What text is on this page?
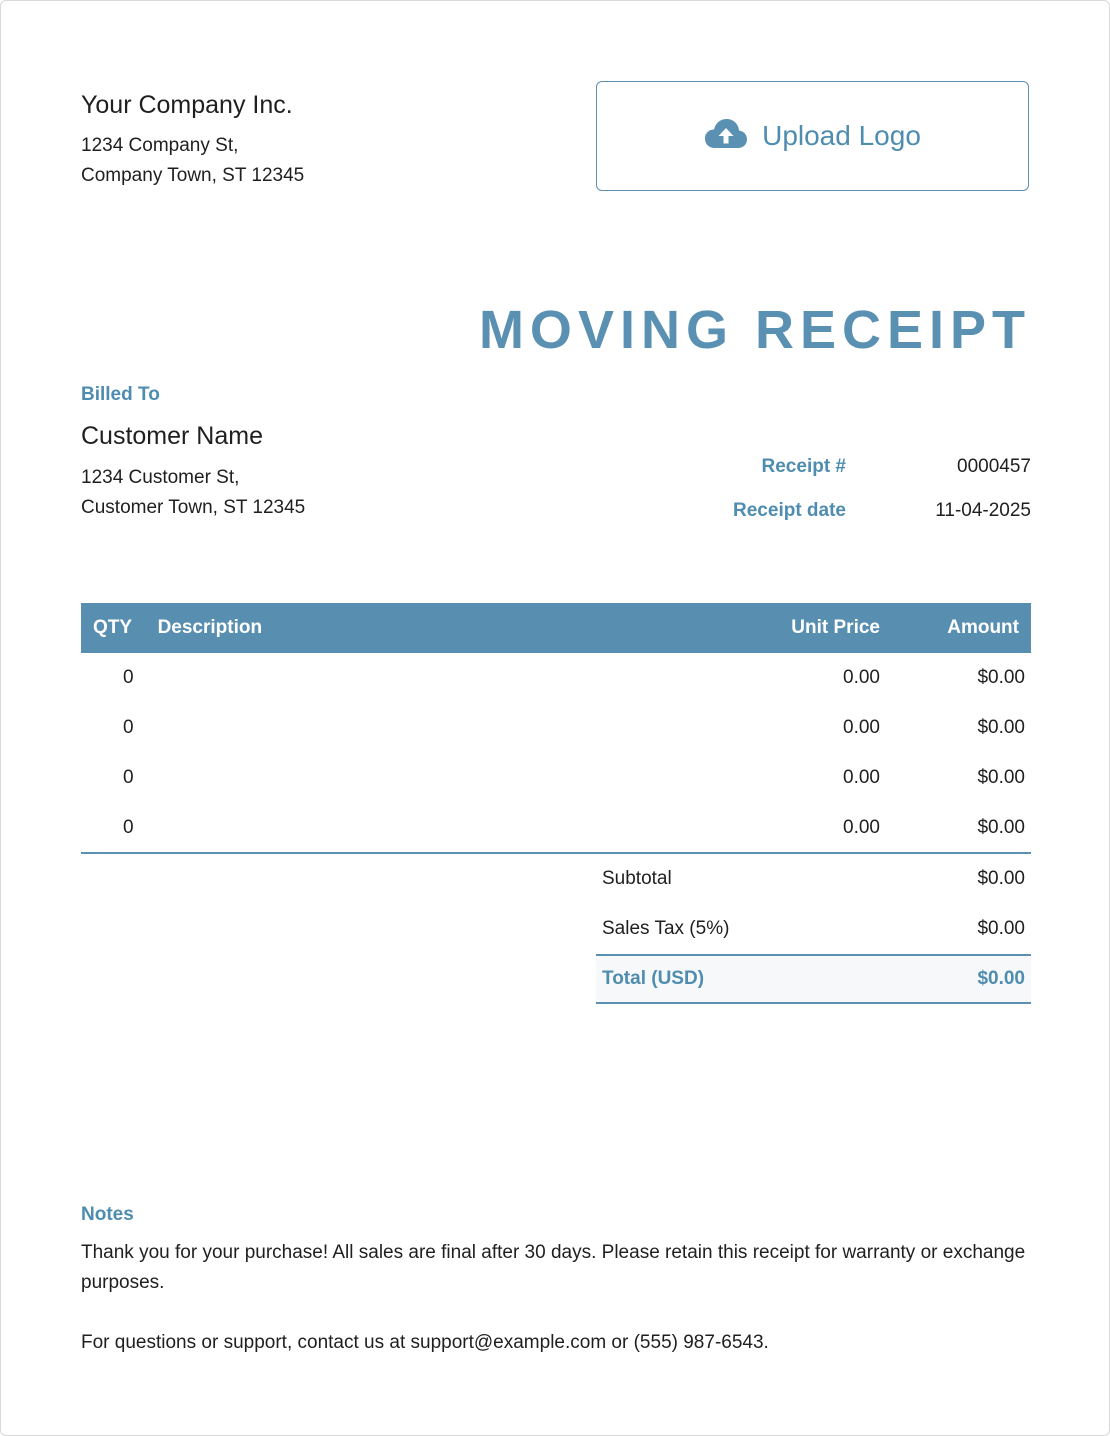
Your Company Inc.
1234 Company St,
Company Town, ST 12345
Upload Logo
MOVING RECEIPT
Billed To
Customer Name
1234 Customer St,
Customer Town, ST 12345
Receipt #	0000457
Receipt date	11-04-2025
QTY	Description	Unit Price	Amount
0		0.00	$0.00
0		0.00	$0.00
0		0.00	$0.00
0		0.00	$0.00
Subtotal	$0.00
Sales Tax (5%)	$0.00
Total (USD)	$0.00
Notes
Thank you for your purchase! All sales are final after 30 days. Please retain this receipt for warranty or exchange purposes.
For questions or support, contact us at support@example.com or (555) 987-6543.
